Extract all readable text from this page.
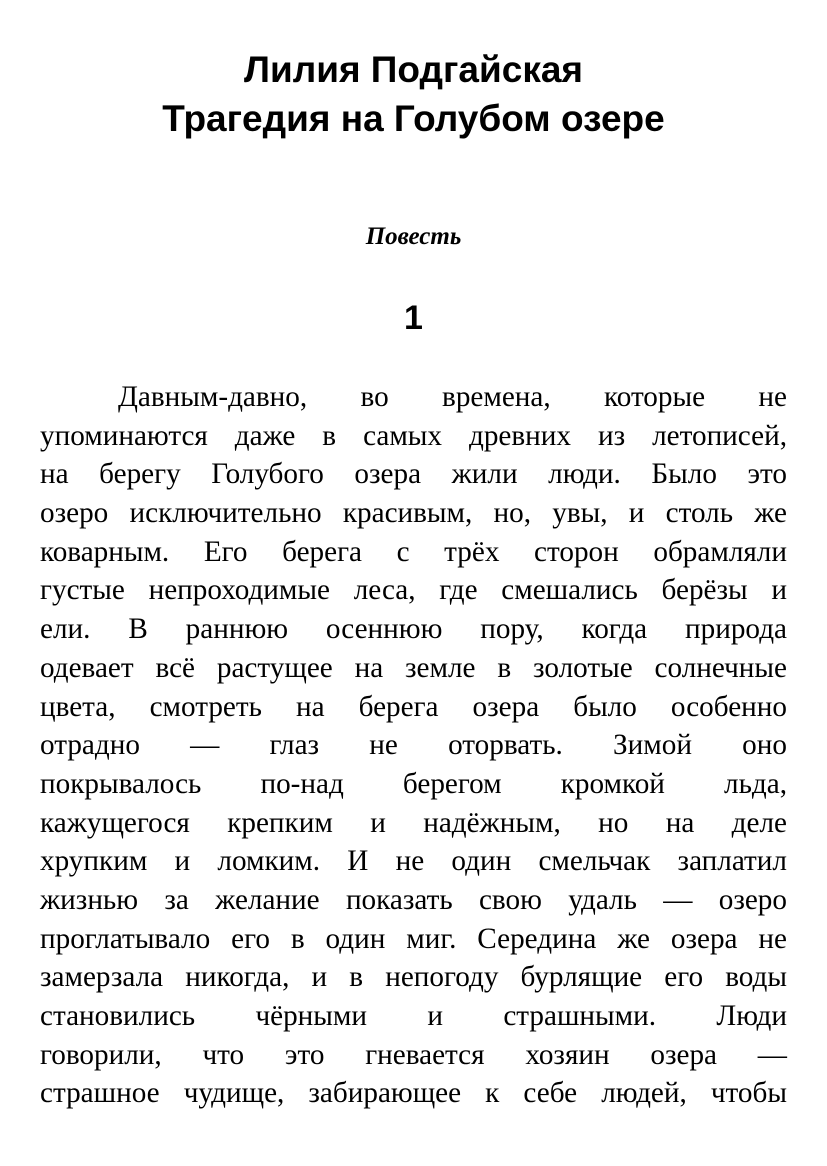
Лилия Подгайская
Трагедия на Голубом озере
Повесть
1
Давным-давно, во времена, которые не
упоминаются даже в самых древних из летописей,
на берегу Голубого озера жили люди. Было это
озеро исключительно красивым, но, увы, и столь же
коварным. Его берега с трёх сторон обрамляли
густые непроходимые леса, где смешались берёзы и
ели. В раннюю осеннюю пору, когда природа
одевает всё растущее на земле в золотые солнечные
цвета, смотреть на берега озера было особенно
отрадно — глаз не оторвать. Зимой оно
покрывалось по-над берегом кромкой льда,
кажущегося крепким и надёжным, но на деле
хрупким и ломким. И не один смельчак заплатил
жизнью за желание показать свою удаль — озеро
проглатывало его в один миг. Середина же озера не
замерзала никогда, и в непогоду бурлящие его воды
становились чёрными и страшными. Люди
говорили, что это гневается хозяин озера —
страшное чудище, забирающее к себе людей, чтобы
